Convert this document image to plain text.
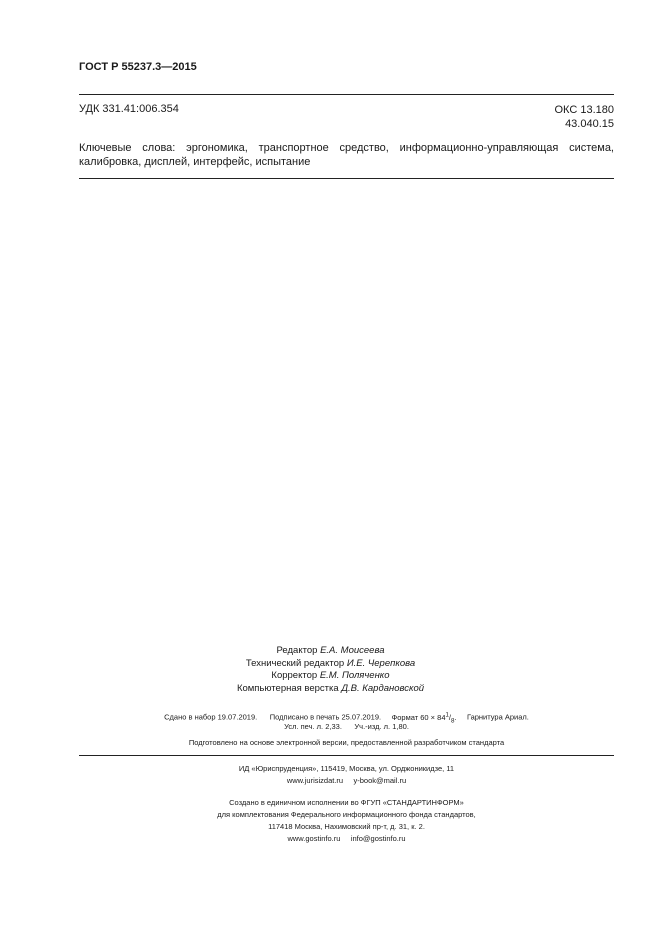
ГОСТ Р 55237.3—2015
УДК 331.41:006.354	ОКС 13.180
43.040.15
Ключевые слова: эргономика, транспортное средство, информационно-управляющая система, калибровка, дисплей, интерфейс, испытание
Редактор Е.А. Моисеева
Технический редактор И.Е. Черепкова
Корректор Е.М. Поляченко
Компьютерная верстка Д.В. Кардановской
Сдано в набор 19.07.2019. Подписано в печать 25.07.2019. Формат $60 \times 84^1/_8$. Гарнитура Ариал.
Усл. печ. л. 2,33. Уч.-изд. л. 1,80.
Подготовлено на основе электронной версии, предоставленной разработчиком стандарта
ИД «Юриспруденция», 115419, Москва, ул. Орджоникидзе, 11
www.jurisizdat.ru y-book@mail.ru
Создано в единичном исполнении во ФГУП «СТАНДАРТИНФОРМ»
для комплектования Федерального информационного фонда стандартов,
117418 Москва, Нахимовский пр-т, д. 31, к. 2.
www.gostinfo.ru info@gostinfo.ru
